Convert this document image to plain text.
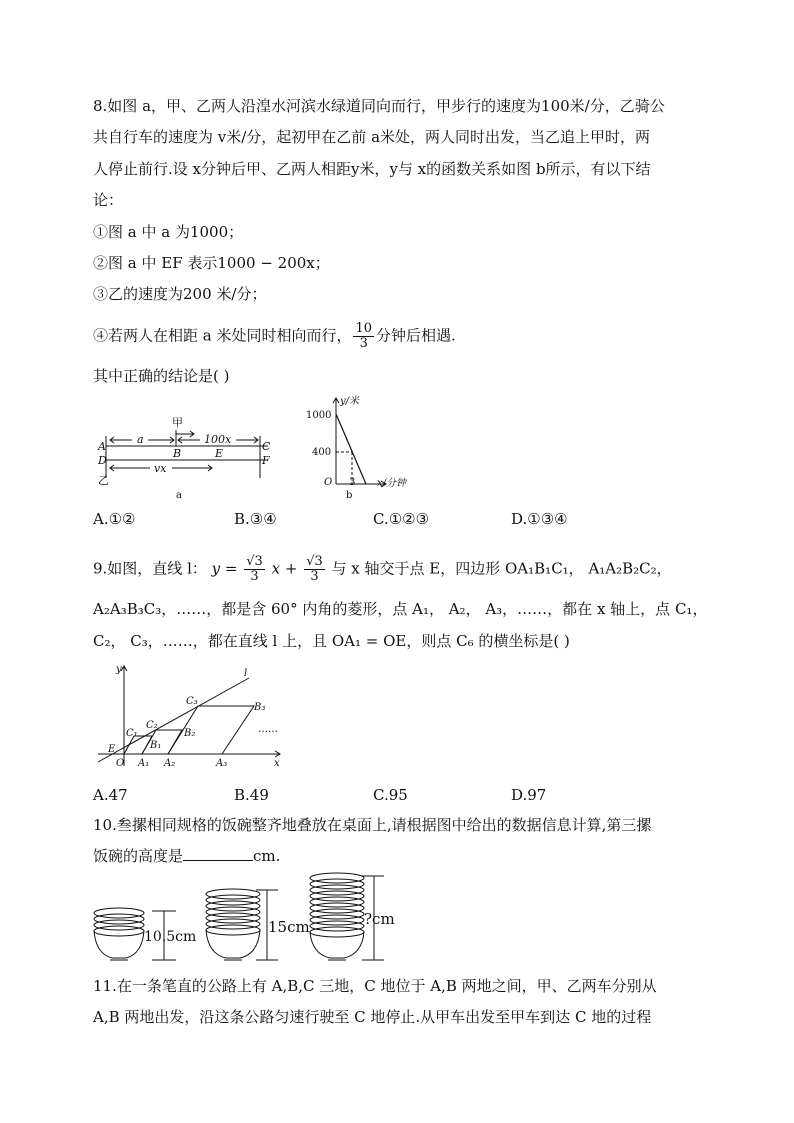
8.如图 a，甲、乙两人沿湟水河滨水绿道同向而行，甲步行的速度为100米/分，乙骑公
共自行车的速度为 v米/分，起初甲在乙前 a米处，两人同时出发，当乙追上甲时，两
人停止前行.设 x分钟后甲、乙两人相距y米，y与 x的函数关系如图 b所示，有以下结
论：
①图 a 中 a 为1000；
②图 a 中 EF 表示1000 − 200x；
③乙的速度为200 米/分；
④若两人在相距 a 米处同时相向而行， $\frac{10}{3}$ 分钟后相遇.
其中正确的结论是( )
A
D
C
F
B	E
a
甲
100x
vx
乙
a
y/米
x/分钟
1000
400
3
O
b
A.①②	B.③④	C.①②③	D.①③④
9.如图，直线 l： $y = \frac{√3}{3}$ $x + \frac{√3}{3}$ 与 x 轴交于点 E，四边形 OA₁B₁C₁， A₁A₂B₂C₂，
A₂A₃B₃C₃，……，都是含 60° 内角的菱形，点 A₁， A₂， A₃，……，都在 x 轴上，点 C₁，
C₂， C₃，……，都在直线 l 上，且 OA₁ = OE，则点 C₆ 的横坐标是( )
y
x
l
O
E
A₁ A₂	A₃
B₁
B₂
B₃
C₁
C₂
C₃
……
A.47	B.49	C.95	D.97
10.叁摞相同规格的饭碗整齐地叠放在桌面上,请根据图中给出的数据信息计算,第三摞
饭碗的高度是	cm.
10.5cm
15cm	?cm
11.在一条笔直的公路上有 A,B,C 三地，C 地位于 A,B 两地之间，甲、乙两车分别从
A,B 两地出发，沿这条公路匀速行驶至 C 地停止.从甲车出发至甲车到达 C 地的过程
